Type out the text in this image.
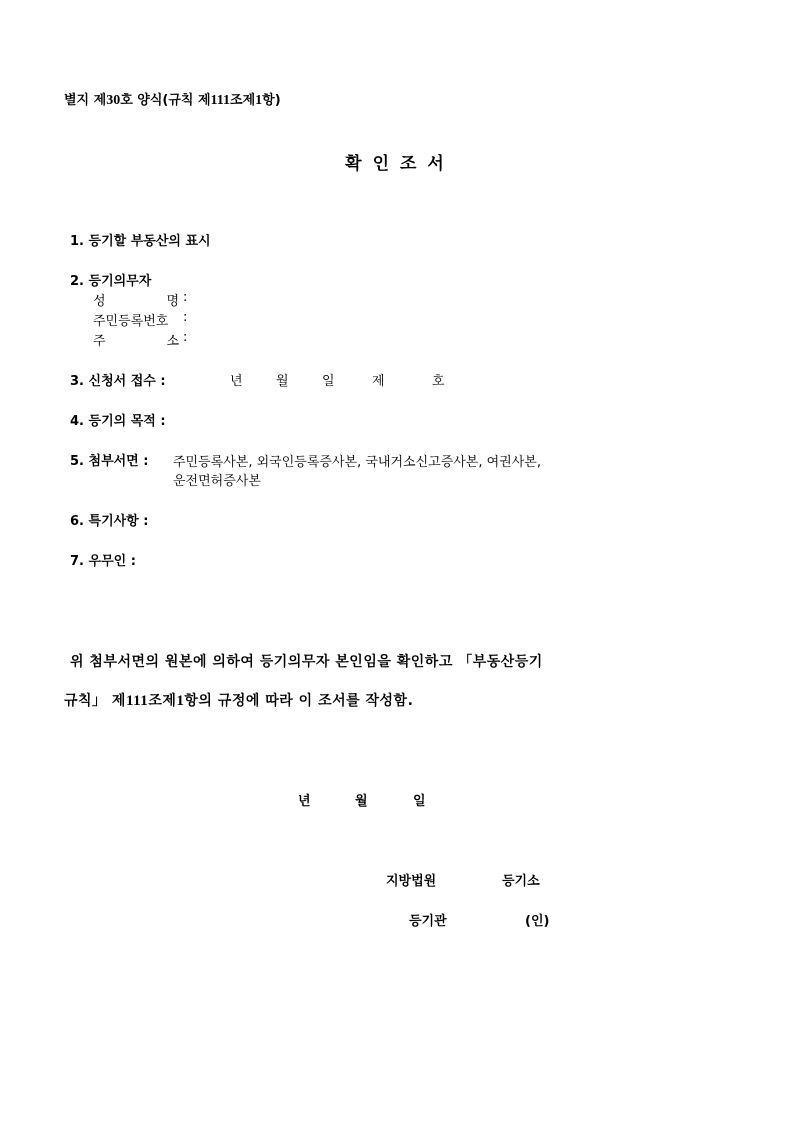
별지 제30호 양식(규칙 제111조제1항)
확인조서
1. 등기할 부동산의 표시
2. 등기의무자
성	명 :
주민등록번호	:
주	소 :
3. 신청서 접수 :	년	월	일	제	호
4. 등기의 목적 :
5. 첨부서면 : 주민등록사본, 외국인등록증사본, 국내거소신고증사본, 여권사본,
운전면허증사본
6. 특기사항 :
7. 우무인 :
위 첨부서면의 원본에 의하여 등기의무자 본인임을 확인하고 「부동산등기
규칙」 제111조제1항의 규정에 따라 이 조서를 작성함.
년	월	일
지방법원	등기소
등기관	(인)
